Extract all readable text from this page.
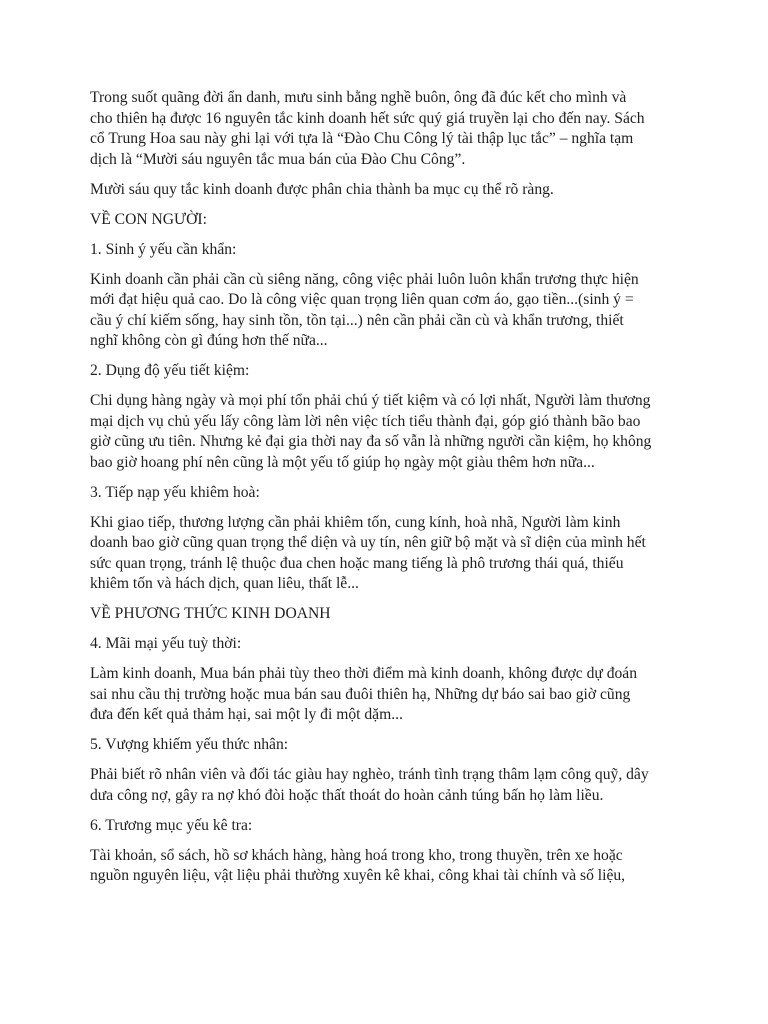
Trong suốt quãng đời ẩn danh, mưu sinh bằng nghề buôn, ông đã đúc kết cho mình và
cho thiên hạ được 16 nguyên tắc kinh doanh hết sức quý giá truyền lại cho đến nay. Sách
cổ Trung Hoa sau này ghi lại với tựa là “Đào Chu Công lý tài thập lục tắc” – nghĩa tạm
dịch là “Mười sáu nguyên tắc mua bán của Đào Chu Công”.

Mười sáu quy tắc kinh doanh được phân chia thành ba mục cụ thể rõ ràng.

VỀ CON NGƯỜI:

1. Sinh ý yếu cần khẩn:

Kinh doanh cần phải cần cù siêng năng, công việc phải luôn luôn khẩn trương thực hiện
mới đạt hiệu quả cao. Do là công việc quan trọng liên quan cơm áo, gạo tiền...(sinh ý =
cầu ý chí kiếm sống, hay sinh tồn, tồn tại...) nên cần phải cần cù và khẩn trương, thiết
nghĩ không còn gì đúng hơn thế nữa...

2. Dụng độ yếu tiết kiệm:

Chi dụng hàng ngày và mọi phí tổn phải chú ý tiết kiệm và có lợi nhất, Người làm thương
mại dịch vụ chủ yếu lấy công làm lời nên việc tích tiểu thành đại, góp gió thành bão bao
giờ cũng ưu tiên. Nhưng kẻ đại gia thời nay đa số vẫn là những người cần kiệm, họ không
bao giờ hoang phí nên cũng là một yếu tố giúp họ ngày một giàu thêm hơn nữa...

3. Tiếp nạp yếu khiêm hoà:

Khi giao tiếp, thương lượng cần phải khiêm tốn, cung kính, hoà nhã, Người làm kinh
doanh bao giờ cũng quan trọng thể diện và uy tín, nên giữ bộ mặt và sĩ diện của mình hết
sức quan trọng, tránh lệ thuộc đua chen hoặc mang tiếng là phô trương thái quá, thiếu
khiêm tốn và hách dịch, quan liêu, thất lễ...

VỀ PHƯƠNG THỨC KINH DOANH

4. Mãi mại yếu tuỳ thời:

Làm kinh doanh, Mua bán phải tùy theo thời điểm mà kinh doanh, không được dự đoán
sai nhu cầu thị trường hoặc mua bán sau đuôi thiên hạ, Những dự báo sai bao giờ cũng
đưa đến kết quả thảm hại, sai một ly đi một dặm...

5. Vượng khiếm yếu thức nhân:

Phải biết rõ nhân viên và đối tác giàu hay nghèo, tránh tình trạng thâm lạm công quỹ, dây
dưa công nợ, gây ra nợ khó đòi hoặc thất thoát do hoàn cảnh túng bấn họ làm liều.

6. Trương mục yếu kê tra:

Tài khoản, sổ sách, hồ sơ khách hàng, hàng hoá trong kho, trong thuyền, trên xe hoặc
nguồn nguyên liệu, vật liệu phải thường xuyên kê khai, công khai tài chính và số liệu,
